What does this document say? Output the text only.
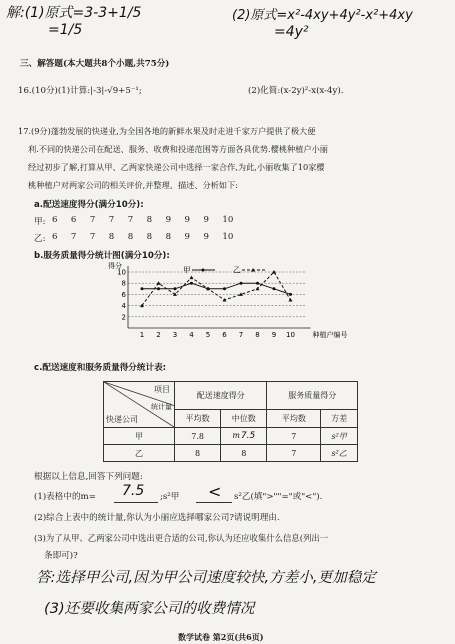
解:(1)原式=3-3+1/5
=1/5
(2)原式=x²-4xy+4y²-x²+4xy
=4y²
三、解答题(本大题共8个小题,共75分)
16.(10分)(1)计算:|-3|-√9+5⁻¹;	(2)化简:(x-2y)²-x(x-4y).
17.(9分)蓬勃发展的快递业,为全国各地的新鲜水果及时走进千家万户提供了极大便
利.不同的快递公司在配送、服务、收费和投递范围等方面各具优势.樱桃种植户小丽
经过初步了解,打算从甲、乙两家快递公司中选择一家合作,为此,小丽收集了10家樱
桃种植户对两家公司的相关评价,并整理、描述、分析如下:
a.配送速度得分(满分10分):
甲: 6  6  7  7  7  8  9  9  9  10
乙: 6  7  7  8  8  8  8  9  9  10
b.服务质量得分统计图(满分10分):
2
4
6
8
10
1 2 3 4 5 6 7 8 9 10	种植户编号
得分	甲	乙
c.配送速度和服务质量得分统计表:
项目
统计量
快递公司	配送速度得分		服务质量得分	
	平均数	中位数	平均数	方差
甲	7.8	m7.5	7	s²甲
乙	8	8	7	s²乙
根据以上信息,回答下列问题:
(1)表格中的m= 7.5 ;s²甲 < s²乙(填">""="或"<").
(2)综合上表中的统计量,你认为小丽应选择哪家公司?请说明理由.
(3)为了从甲、乙两家公司中选出更合适的公司,你认为还应收集什么信息(列出一
条即可)?
答:选择甲公司,因为甲公司速度较快,方差小,更加稳定
(3)还要收集两家公司的收费情况
数学试卷 第2页(共6页)
